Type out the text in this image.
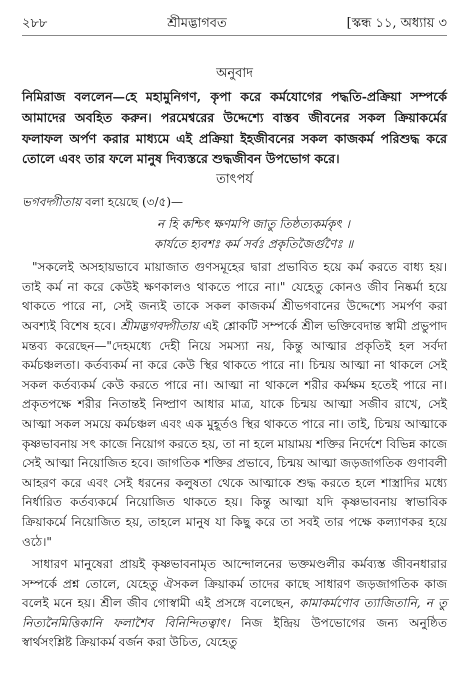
২৮৮	শ্রীমদ্ভাগবত	[স্কন্ধ ১১, অধ্যায় ৩
অনুবাদ

নিমিরাজ বললেন—হে মহামুনিগণ, কৃপা করে কর্মযোগের পদ্ধতি-প্রক্রিয়া সম্পর্কে আমাদের অবহিত করুন। পরমেশ্বরের উদ্দেশ্যে বাস্তব জীবনের সকল ক্রিয়াকর্মের ফলাফল অর্পণ করার মাধ্যমে এই প্রক্রিয়া ইহজীবনের সকল কাজকর্ম পরিশুদ্ধ করে তোলে এবং তার ফলে মানুষ দিব্যস্তরে শুদ্ধজীবন উপভোগ করে।

তাৎপর্য

ভগবদ্গীতায় বলা হয়েছে (৩/৫)—

ন হি কশ্চিৎ ক্ষণমপি জাতু তিষ্ঠত্যকর্মকৃৎ ।
কার্যতে হ্যবশঃ কর্ম সর্বঃ প্রকৃতিজৈর্গুণৈঃ ॥

"সকলেই অসহায়ভাবে মায়াজাত গুণসমূহের দ্বারা প্রভাবিত হয়ে কর্ম করতে বাধ্য হয়। তাই কর্ম না করে কেউই ক্ষণকালও থাকতে পারে না।" যেহেতু কোনও জীব নিষ্কর্মা হয়ে থাকতে পারে না, সেই জন্যই তাকে সকল কাজকর্ম শ্রীভগবানের উদ্দেশ্যে সমর্পণ করা অবশ্যই বিশেষ হবে। শ্রীমদ্ভগবদ্গীতায় এই শ্লোকটি সম্পর্কে শ্রীল ভক্তিবেদান্ত স্বামী প্রভুপাদ মন্তব্য করেছেন—"দেহমধ্যে দেহী নিয়ে সমস্যা নয়, কিন্তু আত্মার প্রকৃতিই হল সর্বদা কর্মচঞ্চলতা। কর্তব্যকর্ম না করে কেউ স্থির থাকতে পারে না। চিন্ময় আত্মা না থাকলে সেই সকল কর্তব্যকর্ম কেউ করতে পারে না। আত্মা না থাকলে শরীর কর্মক্ষম হতেই পারে না। প্রকৃতপক্ষে শরীর নিতান্তই নিষ্প্রাণ আধার মাত্র, যাকে চিন্ময় আত্মা সজীব রাখে, সেই আত্মা সকল সময়ে কর্মচঞ্চল এবং এক মুহূর্তও স্থির থাকতে পারে না। তাই, চিন্ময় আত্মাকে কৃষ্ণভাবনায় সৎ কাজে নিয়োগ করতে হয়, তা না হলে মায়াময় শক্তির নির্দেশে বিভিন্ন কাজে সেই আত্মা নিয়োজিত হবে। জাগতিক শক্তির প্রভাবে, চিন্ময় আত্মা জড়জাগতিক গুণাবলী আহরণ করে এবং সেই ধরনের কলুষতা থেকে আত্মাকে শুদ্ধ করতে হলে শাস্ত্রাদির মধ্যে নির্ধারিত কর্তব্যকর্মে নিয়োজিত থাকতে হয়। কিন্তু আত্মা যদি কৃষ্ণভাবনায় স্বাভাবিক ক্রিয়াকর্মে নিয়োজিত হয়, তাহলে মানুষ যা কিছু করে তা সবই তার পক্ষে কল্যাণকর হয়ে ওঠে।"

সাধারণ মানুষেরা প্রায়ই কৃষ্ণভাবনামৃত আন্দোলনের ভক্তমণ্ডলীর কর্মব্যস্ত জীবনধারার সম্পর্কে প্রশ্ন তোলে, যেহেতু ঐসকল ক্রিয়াকর্ম তাদের কাছে সাধারণ জড়জাগতিক কাজ বলেই মনে হয়। শ্রীল জীব গোস্বামী এই প্রসঙ্গে বলেছেন, কামাকর্মণোব ত্যাজিতানি, ন তু নিত্যনৈমিত্তিকানি ফলাশৈব বিনিন্দিতত্বাৎ। নিজ ইন্দ্রিয় উপভোগের জন্য অনুষ্ঠিত স্বার্থসংশ্লিষ্ট ক্রিয়াকর্ম বর্জন করা উচিত, যেহেতু
